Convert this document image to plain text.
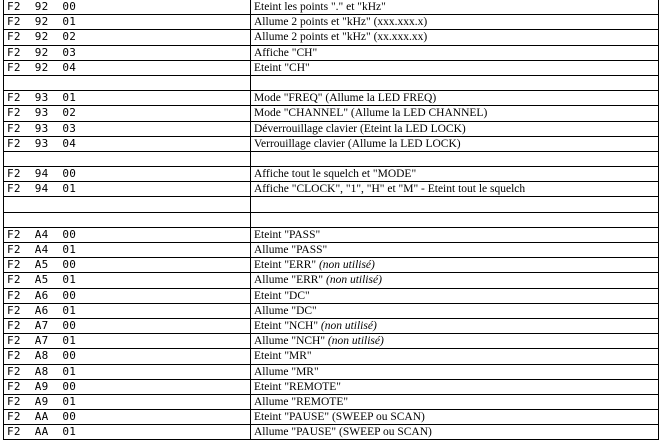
F2  92  00	Eteint les points "." et "kHz"
F2  92  01	Allume 2 points et "kHz" (xxx.xxx.x)
F2  92  02	Allume 2 points et "kHz" (xx.xxx.xx)
F2  92  03	Affiche "CH"
F2  92  04	Eteint "CH"

F2  93  01	Mode "FREQ" (Allume la LED FREQ)
F2  93  02	Mode "CHANNEL" (Allume la LED CHANNEL)
F2  93  03	Déverrouillage clavier (Eteint la LED LOCK)
F2  93  04	Verrouillage clavier (Allume la LED LOCK)

F2  94  00	Affiche tout le squelch et "MODE"
F2  94  01	Affiche "CLOCK", "1", "H" et "M" - Eteint tout le squelch

F2  A4  00	Eteint "PASS"
F2  A4  01	Allume "PASS"
F2  A5  00	Eteint "ERR" (non utilisé)
F2  A5  01	Allume "ERR" (non utilisé)
F2  A6  00	Eteint "DC"
F2  A6  01	Allume "DC"
F2  A7  00	Eteint "NCH" (non utilisé)
F2  A7  01	Allume "NCH" (non utilisé)
F2  A8  00	Eteint "MR"
F2  A8  01	Allume "MR"
F2  A9  00	Eteint "REMOTE"
F2  A9  01	Allume "REMOTE"
F2  AA  00	Eteint "PAUSE" (SWEEP ou SCAN)
F2  AA  01	Allume "PAUSE" (SWEEP ou SCAN)
